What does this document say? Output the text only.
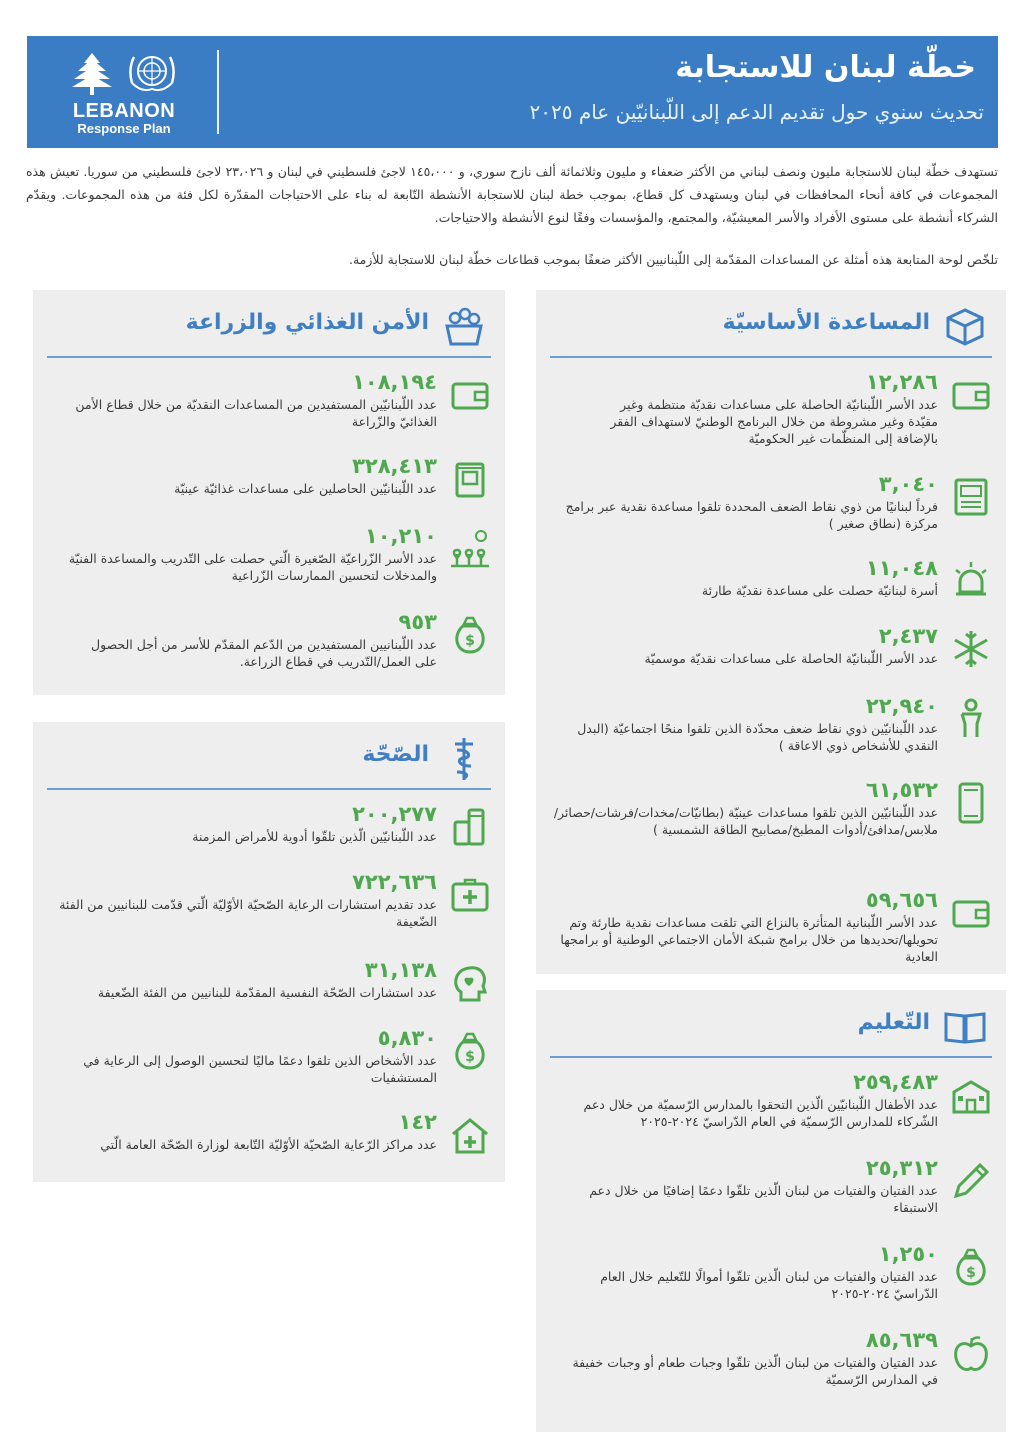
LEBANON
Response Plan
خطّة لبنان للاستجابة
تحديث سنوي حول تقديم الدعم إلى اللّبنانيّين عام ٢٠٢٥

تستهدف خطّة لبنان للاستجابة مليون ونصف لبناني من الأكثر ضعفاء و مليون وثلاثمائة ألف نازح سوري، و ١٤٥،٠٠٠ لاجئ فلسطيني في لبنان و ٢٣،٠٢٦ لاجئ فلسطيني من سوريا. تعيش هذه المجموعات في كافة أنحاء المحافظات في لبنان ويستهدف كل قطاع، بموجب خطة لبنان للاستجابة الأنشطة التّابعة له بناء على الاحتياجات المقدّرة لكل فئة من هذه المجموعات. ويقدّم الشركاء أنشطة على مستوى الأفراد والأسر المعيشيّة، والمجتمع، والمؤسسات وفقًا لنوع الأنشطة والاحتياجات.

تلخّص لوحة المتابعة هذه أمثلة عن المساعدات المقدّمة إلى اللّبنانيين الأكثر ضعفًا بموجب قطاعات خطّة لبنان للاستجابة للأزمة.

المساعدة الأساسيّة
١٢,٢٨٦
عدد الأسر اللّبنانيّة الحاصلة على مساعدات نقديّة منتظمة وغير مقيّدة وغير مشروطة من خلال البرنامج الوطنيّ لاستهداف الفقر بالإضافة إلى المنظّمات غير الحكوميّة
٣,٠٤٠
فرداً لبنانيًا من ذوي نقاط الضعف المحددة تلقوا مساعدة نقدية عبر برامج مركزة (نطاق صغير )
١١,٠٤٨
أسرة لبنانيّة حصلت على مساعدة نقديّة طارئة
٢,٤٣٧
عدد الأسر اللّبنانيّة الحاصلة على مساعدات نقديّة موسميّة
٢٢,٩٤٠
عدد اللّبنانيّين ذوي نقاط ضعف محدّدة الذين تلقوا منحًا اجتماعيّة (البدل النقدي للأشخاص ذوي الاعاقة )
٦١,٥٣٢
عدد اللّبنانيّين الذين تلقوا مساعدات عينيّة (بطانيّات/مخدات/فرشات/حصائر/ملابس/مدافئ/أدوات المطبخ/مصابيح الطاقة الشمسية )
٥٩,٦٥٦
عدد الأسر اللّبنانية المتأثرة بالنزاع التي تلقت مساعدات نقدية طارئة وتم تحويلها/تحديدها من خلال برامج شبكة الأمان الاجتماعي الوطنية أو برامجها العادية
التّعليم
٢٥٩,٤٨٣
عدد الأطفال اللّبنانيّين الّذين التحقوا بالمدارس الرّسميّة من خلال دعم الشّركاء للمدارس الرّسميّة في العام الدّراسيّ ٢٠٢٤-٢٠٢٥
٢٥,٣١٢
عدد الفتيان والفتيات من لبنان الّذين تلقّوا دعمًا إضافيًا من خلال دعم الاستبقاء
$
١,٢٥٠
عدد الفتيان والفتيات من لبنان الّذين تلقّوا أموالًا للتّعليم خلال العام الدّراسيّ ٢٠٢٤-٢٠٢٥
٨٥,٦٣٩
عدد الفتيان والفتيات من لبنان الّذين تلقّوا وجبات طعام أو وجبات خفيفة في المدارس الرّسميّة
الأمن الغذائي والزراعة
١٠٨,١٩٤
عدد اللّبنانيّين المستفيدين من المساعدات النقديّة من خلال قطاع الأمن الغذائيّ والزّراعة
٣٢٨,٤١٣
عدد اللّبنانيّين الحاصلين على مساعدات غذائيّة عينيّة
١٠,٢١٠
عدد الأسر الزّراعيّة الصّغيرة الّتي حصلت على التّدريب والمساعدة الفنيّة والمدخلات لتحسين الممارسات الزّراعية
$
٩٥٣
عدد اللّبنانيين المستفيدين من الدّعم المقدّم للأسر من أجل الحصول على العمل/التّدريب في قطاع الزراعة.
الصّحّة
٢٠٠,٢٧٧
عدد اللّبنانيّين الّذين تلقّوا أدوية للأمراض المزمنة
٧٢٢,٦٣٦
عدد تقديم استشارات الرعاية الصّحيّة الأوّليّة الّتي قدّمت للبنانيين من الفئة الضّعيفة
٣١,١٣٨
عدد استشارات الصّحّة النفسية المقدّمة للبنانيين من الفئة الضّعيفة
$
٥,٨٣٠
عدد الأشخاص الذين تلقوا دعمًا ماليًا لتحسين الوصول إلى الرعاية في المستشفيات
١٤٢
عدد مراكز الرّعاية الصّحيّة الأوّليّة التّابعة لوزارة الصّحّة العامة الّتي
